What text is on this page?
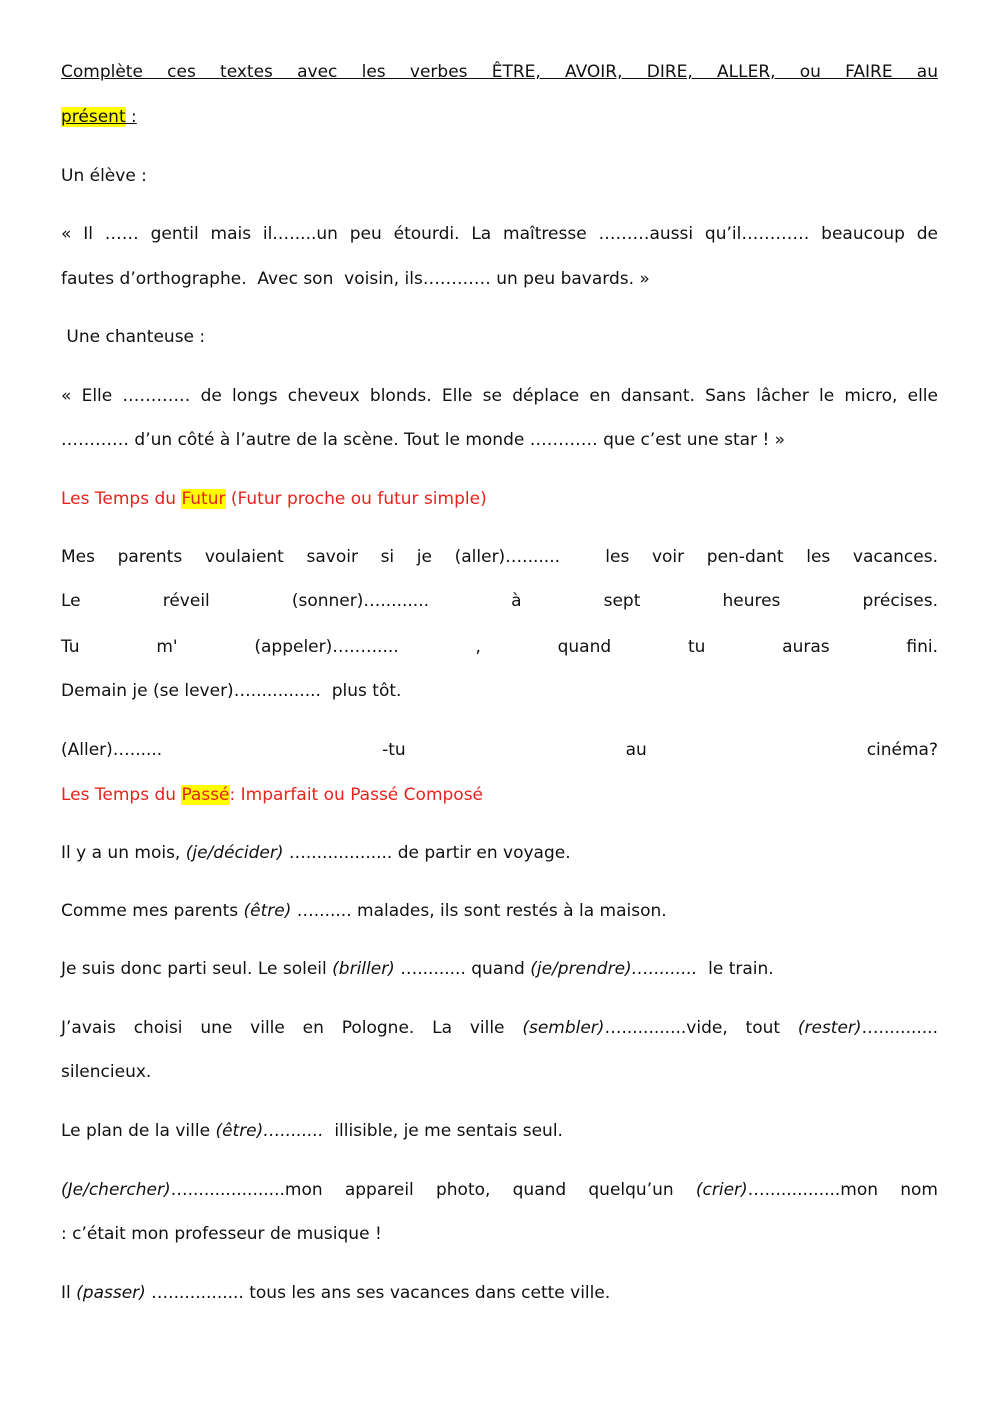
Complète ces textes avec les verbes ÊTRE, AVOIR, DIRE, ALLER, ou FAIRE au
présent :
Un élève :
« Il …… gentil mais il.…....un peu étourdi. La maîtresse ………aussi qu’il………… beaucoup de
fautes d’orthographe.  Avec son  voisin, ils………… un peu bavards. »
Une chanteuse :
« Elle ………… de longs cheveux blonds. Elle se déplace en dansant. Sans lâcher le micro, elle
………… d’un côté à l’autre de la scène. Tout le monde ………… que c’est une star ! »
Les Temps du Futur (Futur proche ou futur simple)
Mes parents voulaient savoir si je (aller)….......  les voir pen-dant les vacances.
Le réveil (sonner)…......... à sept heures précises.
Tu m' (appeler)….…..... , quand tu auras fini.
Demain je (se lever)….............  plus tôt.
(Aller)…...... -tu au cinéma?
Les Temps du Passé: Imparfait ou Passé Composé
Il y a un mois, (je/décider) …................ de partir en voyage.
Comme mes parents (être) …....... malades, ils sont restés à la maison.
Je suis donc parti seul. Le soleil (briller) …......... quand (je/prendre)….........  le train.
J’avais choisi une ville en Pologne. La ville (sembler)…............vide, tout (rester)…...........
silencieux.
Le plan de la ville (être)…........  illisible, je me sentais seul.
(Je/chercher)…..................mon appareil photo, quand quelqu’un (crier)…..............mon nom
: c’était mon professeur de musique !
Il (passer) ….............. tous les ans ses vacances dans cette ville.
